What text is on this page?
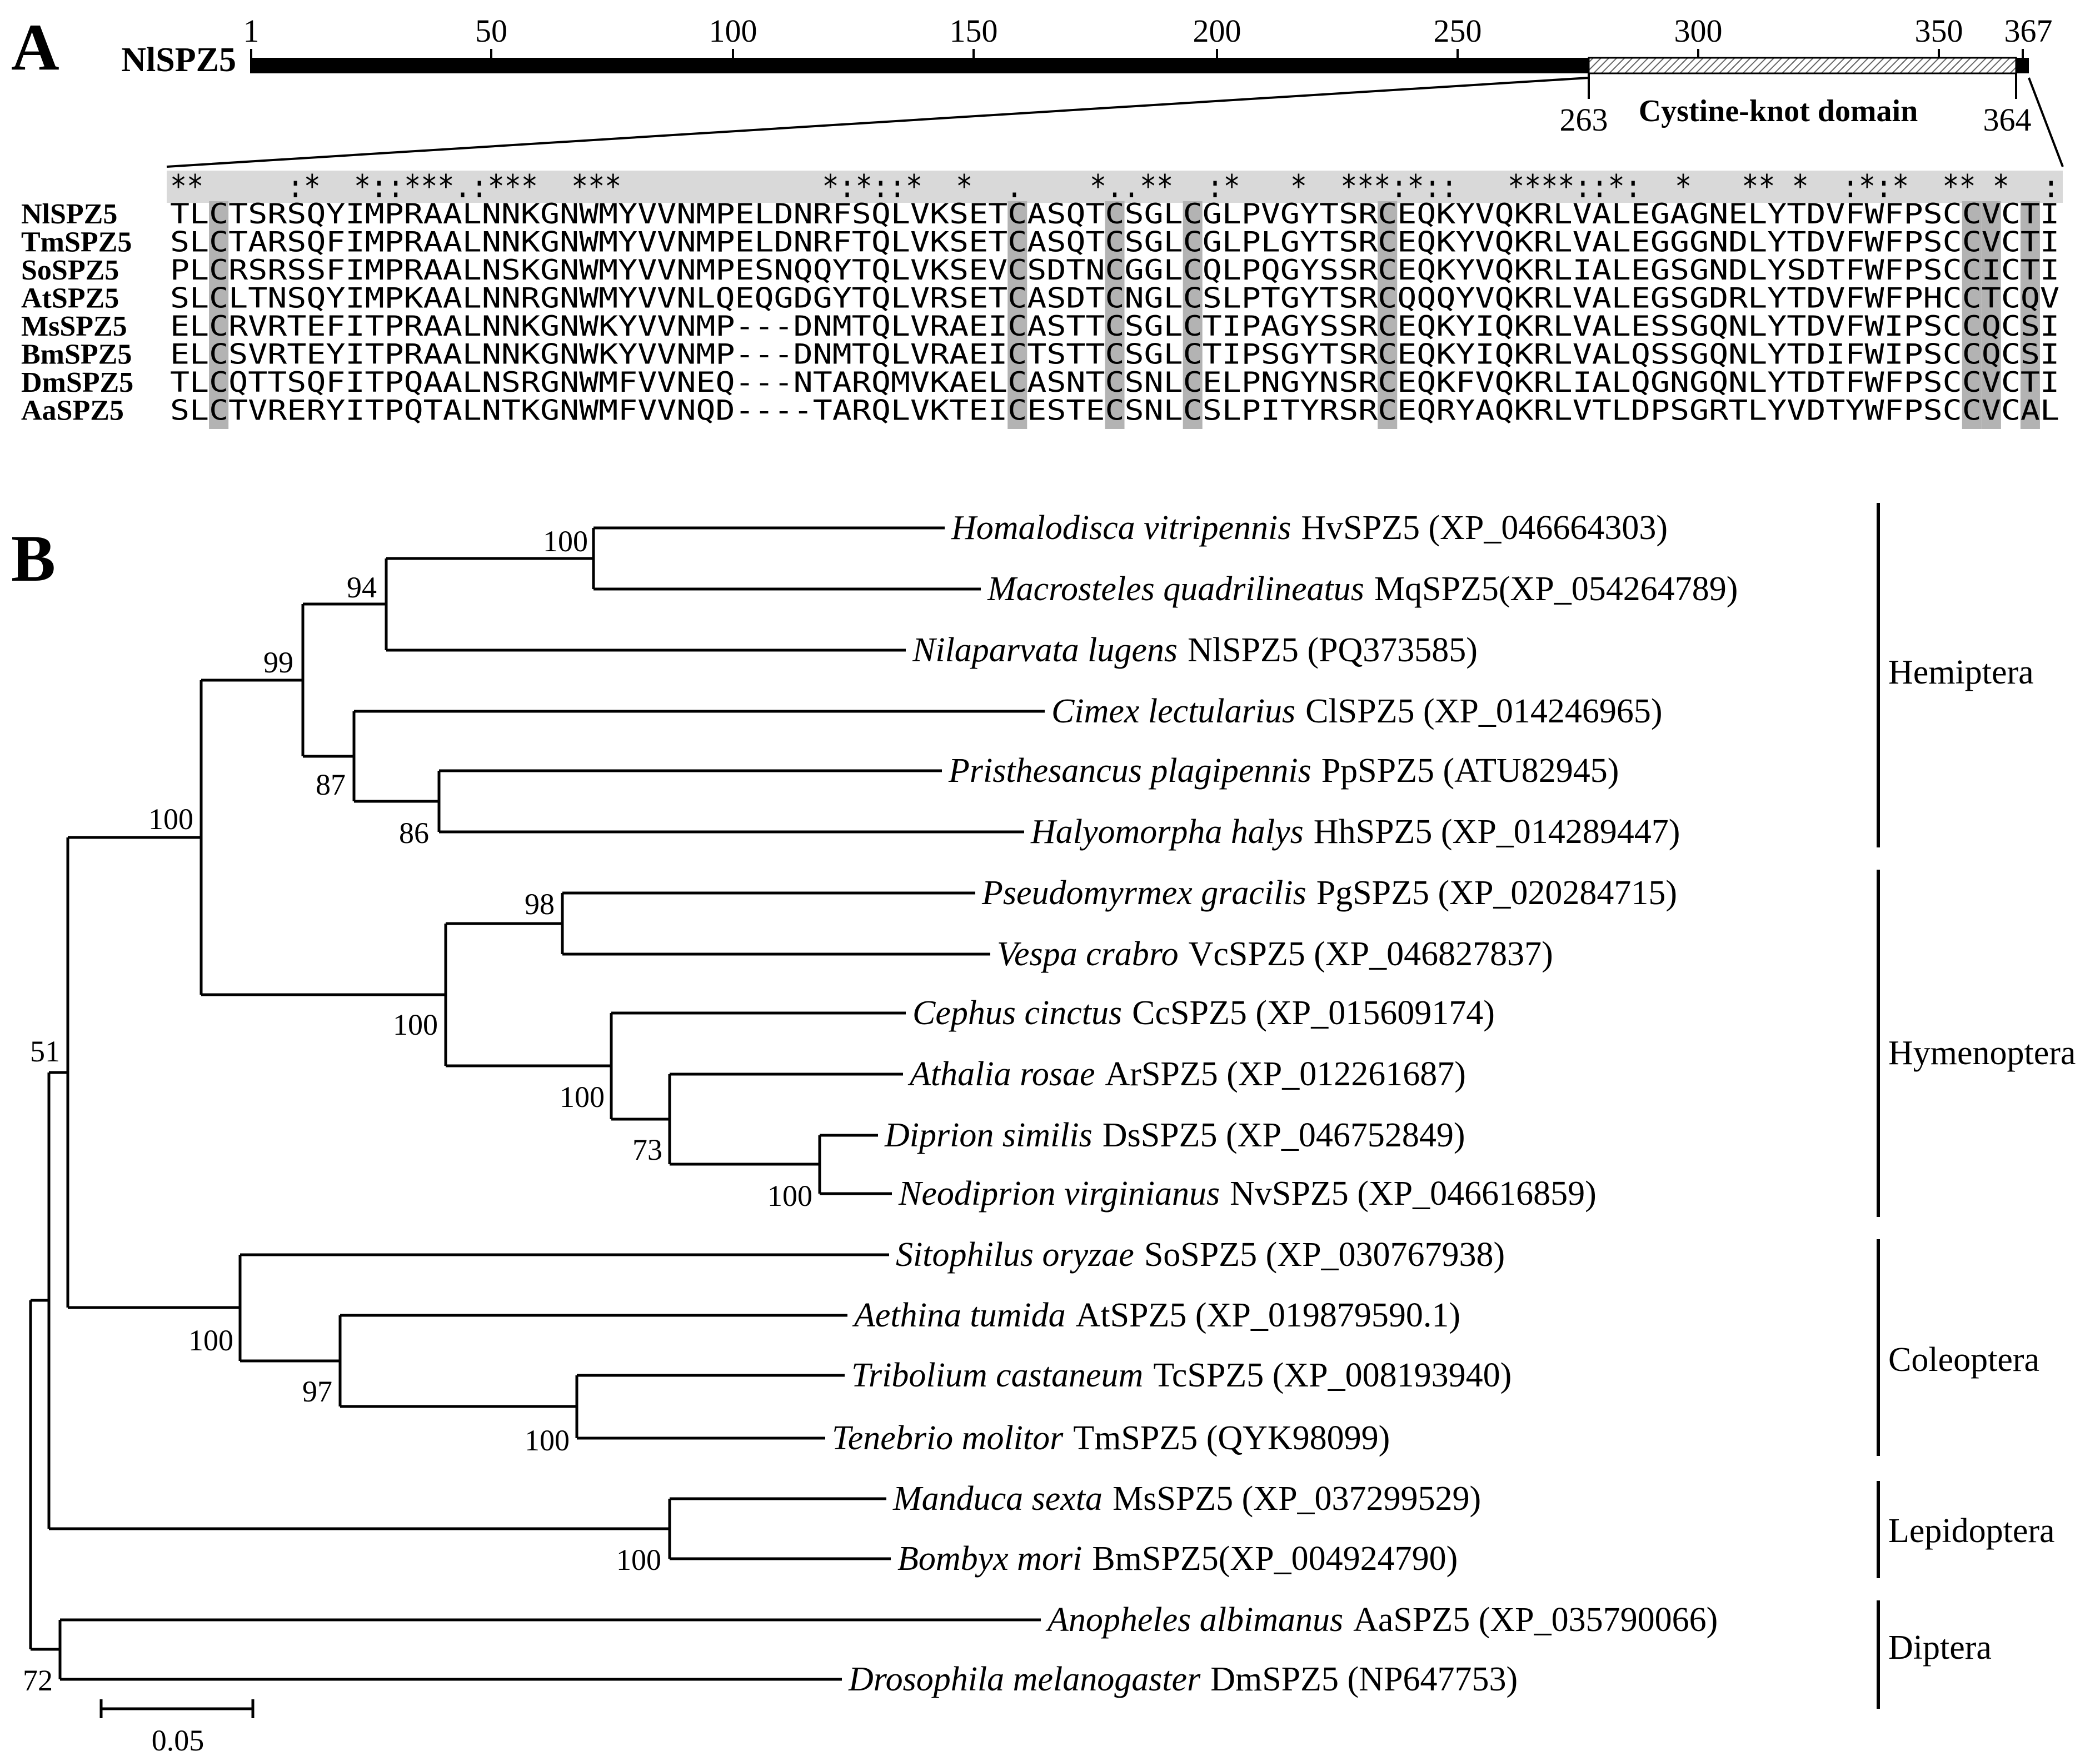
A NlSPZ5
1	50	100	150	200	250	300	350 367
263 Cystine-knot domain 364
**     :*  *::***.:***  ***            *:*::*  *  .    *..**  :*   *  ***:*::   ****::*:  *   ** *  :*:*  ** *  :
NlSPZ5 TLCTSRSQYIMPRAALNNKGNWMYVVNMPELDNRFSQLVKSETCASQTCSGLCGLPVGYTSRCEQKYVQKRLVALEGAGNELYTDVFWFPSCCVCTI
TmSPZ5 SLCTARSQFIMPRAALNNKGNWMYVVNMPELDNRFTQLVKSETCASQTCSGLCGLPLGYTSRCEQKYVQKRLVALEGGGNDLYTDVFWFPSCCVCTI
SoSPZ5 PLCRSRSSFIMPRAALNSKGNWMYVVNMPESNQQYTQLVKSEVCSDTNCGGLCQLPQGYSSRCEQKYVQKRLIALEGSGNDLYSDTFWFPSCCICTI
AtSPZ5 SLCLTNSQYIMPKAALNNRGNWMYVVNLQEQGDGYTQLVRSETCASDTCNGLCSLPTGYTSRCQQQYVQKRLVALEGSGDRLYTDVFWFPHCCTCQV
MsSPZ5 ELCRVRTEFITPRAALNNKGNWKYVVNMP---DNMTQLVRAEICASTTCSGLCTIPAGYSSRCEQKYIQKRLVALESSGQNLYTDVFWIPSCCQCSI
BmSPZ5 ELCSVRTEYITPRAALNNKGNWKYVVNMP---DNMTQLVRAEICTSTTCSGLCTIPSGYTSRCEQKYIQKRLVALQSSGQNLYTDIFWIPSCCQCSI
DmSPZ5 TLCQTTSQFITPQAALNSRGNWMFVVNEQ---NTARQMVKAELCASNTCSNLCELPNGYNSRCEQKFVQKRLIALQGNGQNLYTDTFWFPSCCVCTI
AaSPZ5 SLCTVRERYITPQTALNTKGNWMFVVNQD----TARQLVKTEICESTECSNLCSLPITYRSRCEQRYAQKRLVTLDPSGRTLYVDTYWFPSCCVCAL
B	100
94
99
87
86
100
98
100
100
73
100
51
100
97
100
100
72
Homalodisca vitripennis HvSPZ5 (XP_046664303)
Macrosteles quadrilineatus MqSPZ5(XP_054264789)
Nilaparvata lugens NlSPZ5 (PQ373585)
Cimex lectularius ClSPZ5 (XP_014246965)
Pristhesancus plagipennis PpSPZ5 (ATU82945)
Halyomorpha halys HhSPZ5 (XP_014289447)
Pseudomyrmex gracilis PgSPZ5 (XP_020284715)
Vespa crabro VcSPZ5 (XP_046827837)
Cephus cinctus CcSPZ5 (XP_015609174)
Athalia rosae ArSPZ5 (XP_012261687)
Diprion similis DsSPZ5 (XP_046752849)
Neodiprion virginianus NvSPZ5 (XP_046616859)
Sitophilus oryzae SoSPZ5 (XP_030767938)
Aethina tumida AtSPZ5 (XP_019879590.1)
Tribolium castaneum TcSPZ5 (XP_008193940)
Tenebrio molitor TmSPZ5 (QYK98099)
Manduca sexta MsSPZ5 (XP_037299529)
Bombyx mori BmSPZ5(XP_004924790)
Anopheles albimanus AaSPZ5 (XP_035790066)
Drosophila melanogaster DmSPZ5 (NP647753)
Hemiptera
Hymenoptera
Coleoptera
Lepidoptera
Diptera
0.05
